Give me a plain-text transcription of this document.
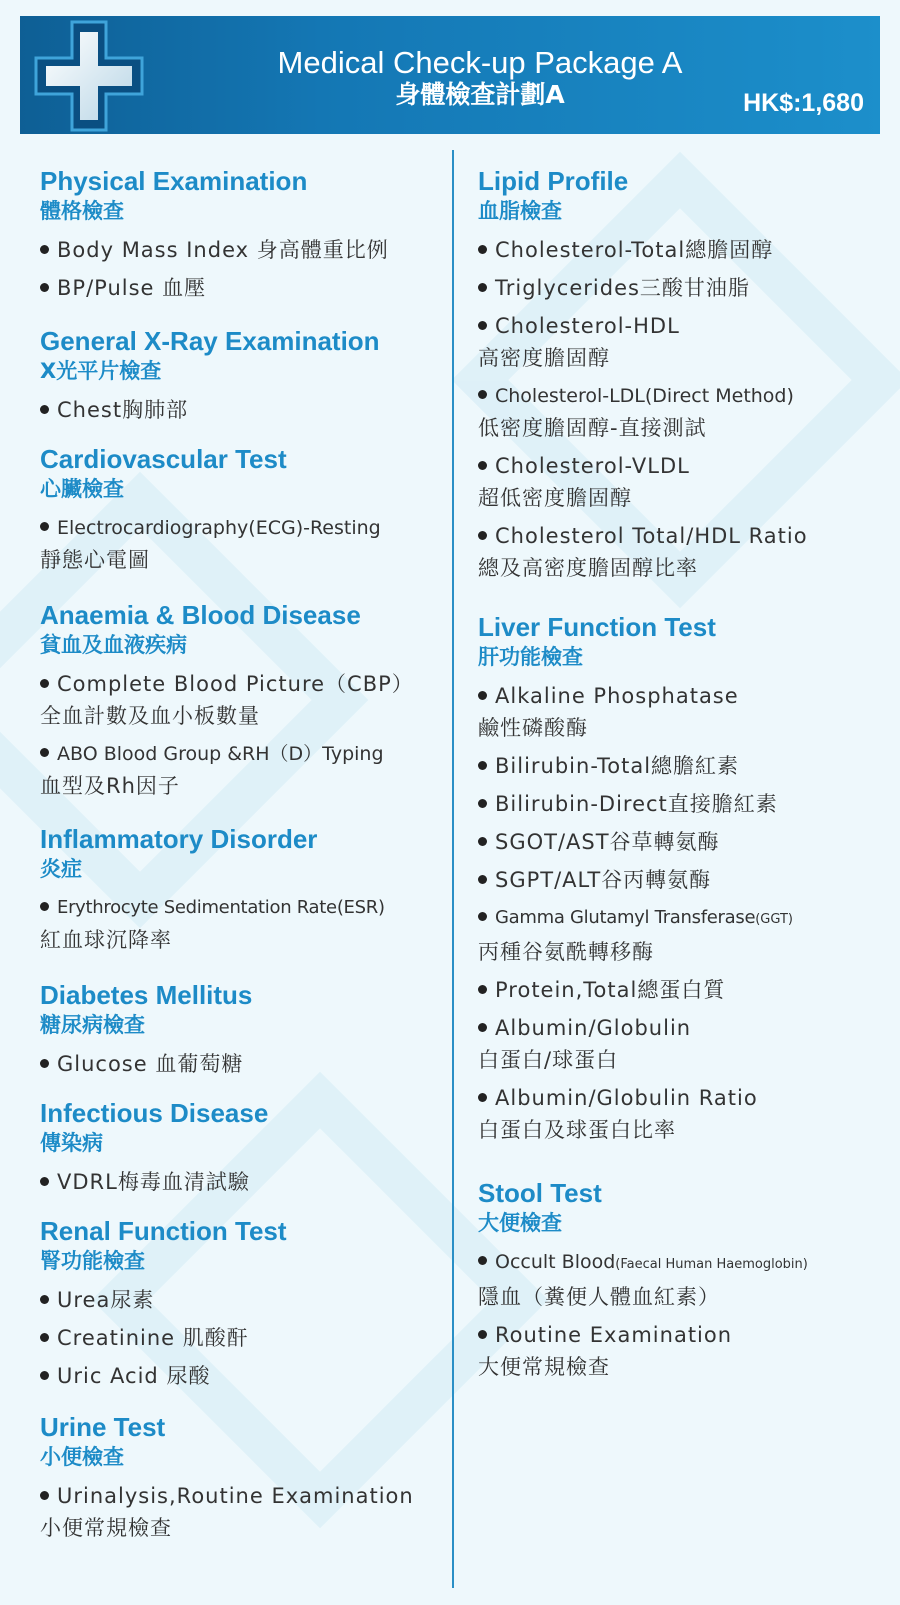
Medical Check-up Package A
身體檢查計劃A	HK$:1,680
Physical Examination
體格檢查
Body Mass Index 身高體重比例
BP/Pulse 血壓
General X-Ray Examination
X光平片檢查
Chest胸肺部
Cardiovascular Test
心臟檢查
Electrocardiography(ECG)-Resting
靜態心電圖
Anaemia & Blood Disease
貧血及血液疾病
Complete Blood Picture（CBP）
全血計數及血小板數量
ABO Blood Group &RH（D）Typing
血型及Rh因子
Inflammatory Disorder
炎症
Erythrocyte Sedimentation Rate(ESR)
紅血球沉降率
Diabetes Mellitus
糖尿病檢查
Glucose 血葡萄糖
Infectious Disease
傳染病
VDRL梅毒血清試驗
Renal Function Test
腎功能檢查
Urea尿素
Creatinine 肌酸酐
Uric Acid 尿酸
Urine Test
小便檢查
Urinalysis,Routine Examination
小便常規檢查
Lipid Profile
血脂檢查
Cholesterol-Total總膽固醇
Triglycerides三酸甘油脂
Cholesterol-HDL
高密度膽固醇
Cholesterol-LDL(Direct Method)
低密度膽固醇-直接測試
Cholesterol-VLDL
超低密度膽固醇
Cholesterol Total/HDL Ratio
總及高密度膽固醇比率
Liver Function Test
肝功能檢查
Alkaline Phosphatase
鹼性磷酸酶
Bilirubin-Total總膽紅素
Bilirubin-Direct直接膽紅素
SGOT/AST谷草轉氨酶
SGPT/ALT谷丙轉氨酶
Gamma Glutamyl Transferase(GGT)
丙種谷氨酰轉移酶
Protein,Total總蛋白質
Albumin/Globulin
白蛋白/球蛋白
Albumin/Globulin Ratio
白蛋白及球蛋白比率
Stool Test
大便檢查
Occult Blood(Faecal Human Haemoglobin)
隱血（糞便人體血紅素）
Routine Examination
大便常規檢查
